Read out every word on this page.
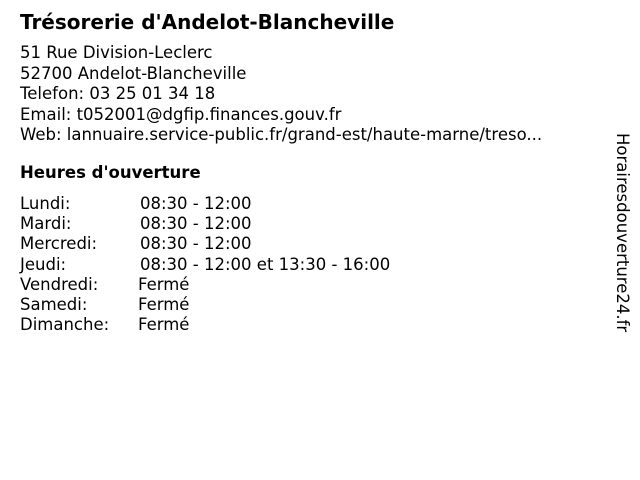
Trésorerie d'Andelot-Blancheville
51 Rue Division-Leclerc
52700 Andelot-Blancheville
Telefon: 03 25 01 34 18
Email: t052001@dgfip.finances.gouv.fr
Web: lannuaire.service-public.fr/grand-est/haute-marne/treso...
Heures d'ouverture
Lundi:	08:30 - 12:00
Mardi:	08:30 - 12:00
Mercredi:	08:30 - 12:00
Jeudi:	08:30 - 12:00 et 13:30 - 16:00
Vendredi: Fermé
Samedi:	Fermé
Dimanche: Fermé	Horairesdouverture24.fr
